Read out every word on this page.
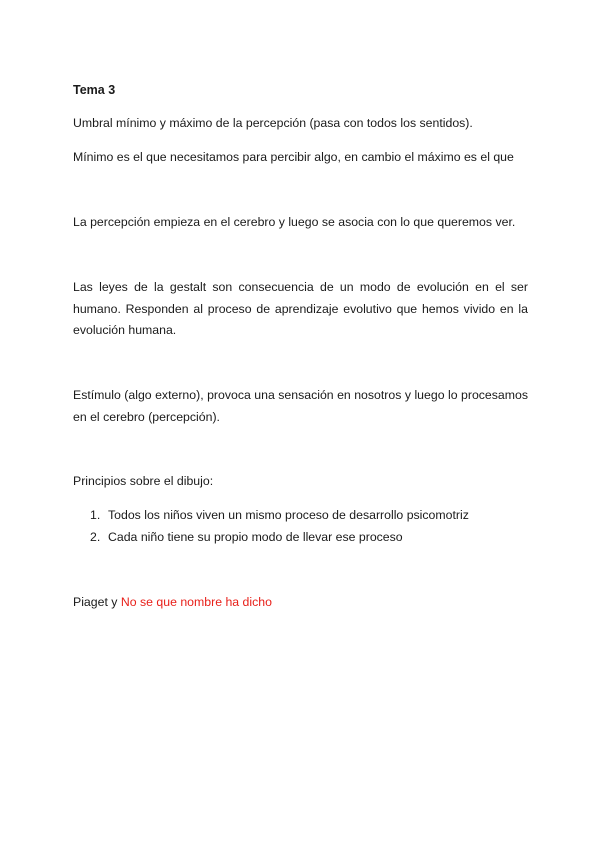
Tema 3
Umbral mínimo y máximo de la percepción (pasa con todos los sentidos).
Mínimo es el que necesitamos para percibir algo, en cambio el máximo es el que
La percepción empieza en el cerebro y luego se asocia con lo que queremos ver.
Las leyes de la gestalt son consecuencia de un modo de evolución en el ser humano. Responden al proceso de aprendizaje evolutivo que hemos vivido en la evolución humana.
Estímulo (algo externo), provoca una sensación en nosotros y luego lo procesamos en el cerebro (percepción).
Principios sobre el dibujo:
1. Todos los niños viven un mismo proceso de desarrollo psicomotriz
2. Cada niño tiene su propio modo de llevar ese proceso
Piaget y No se que nombre ha dicho
